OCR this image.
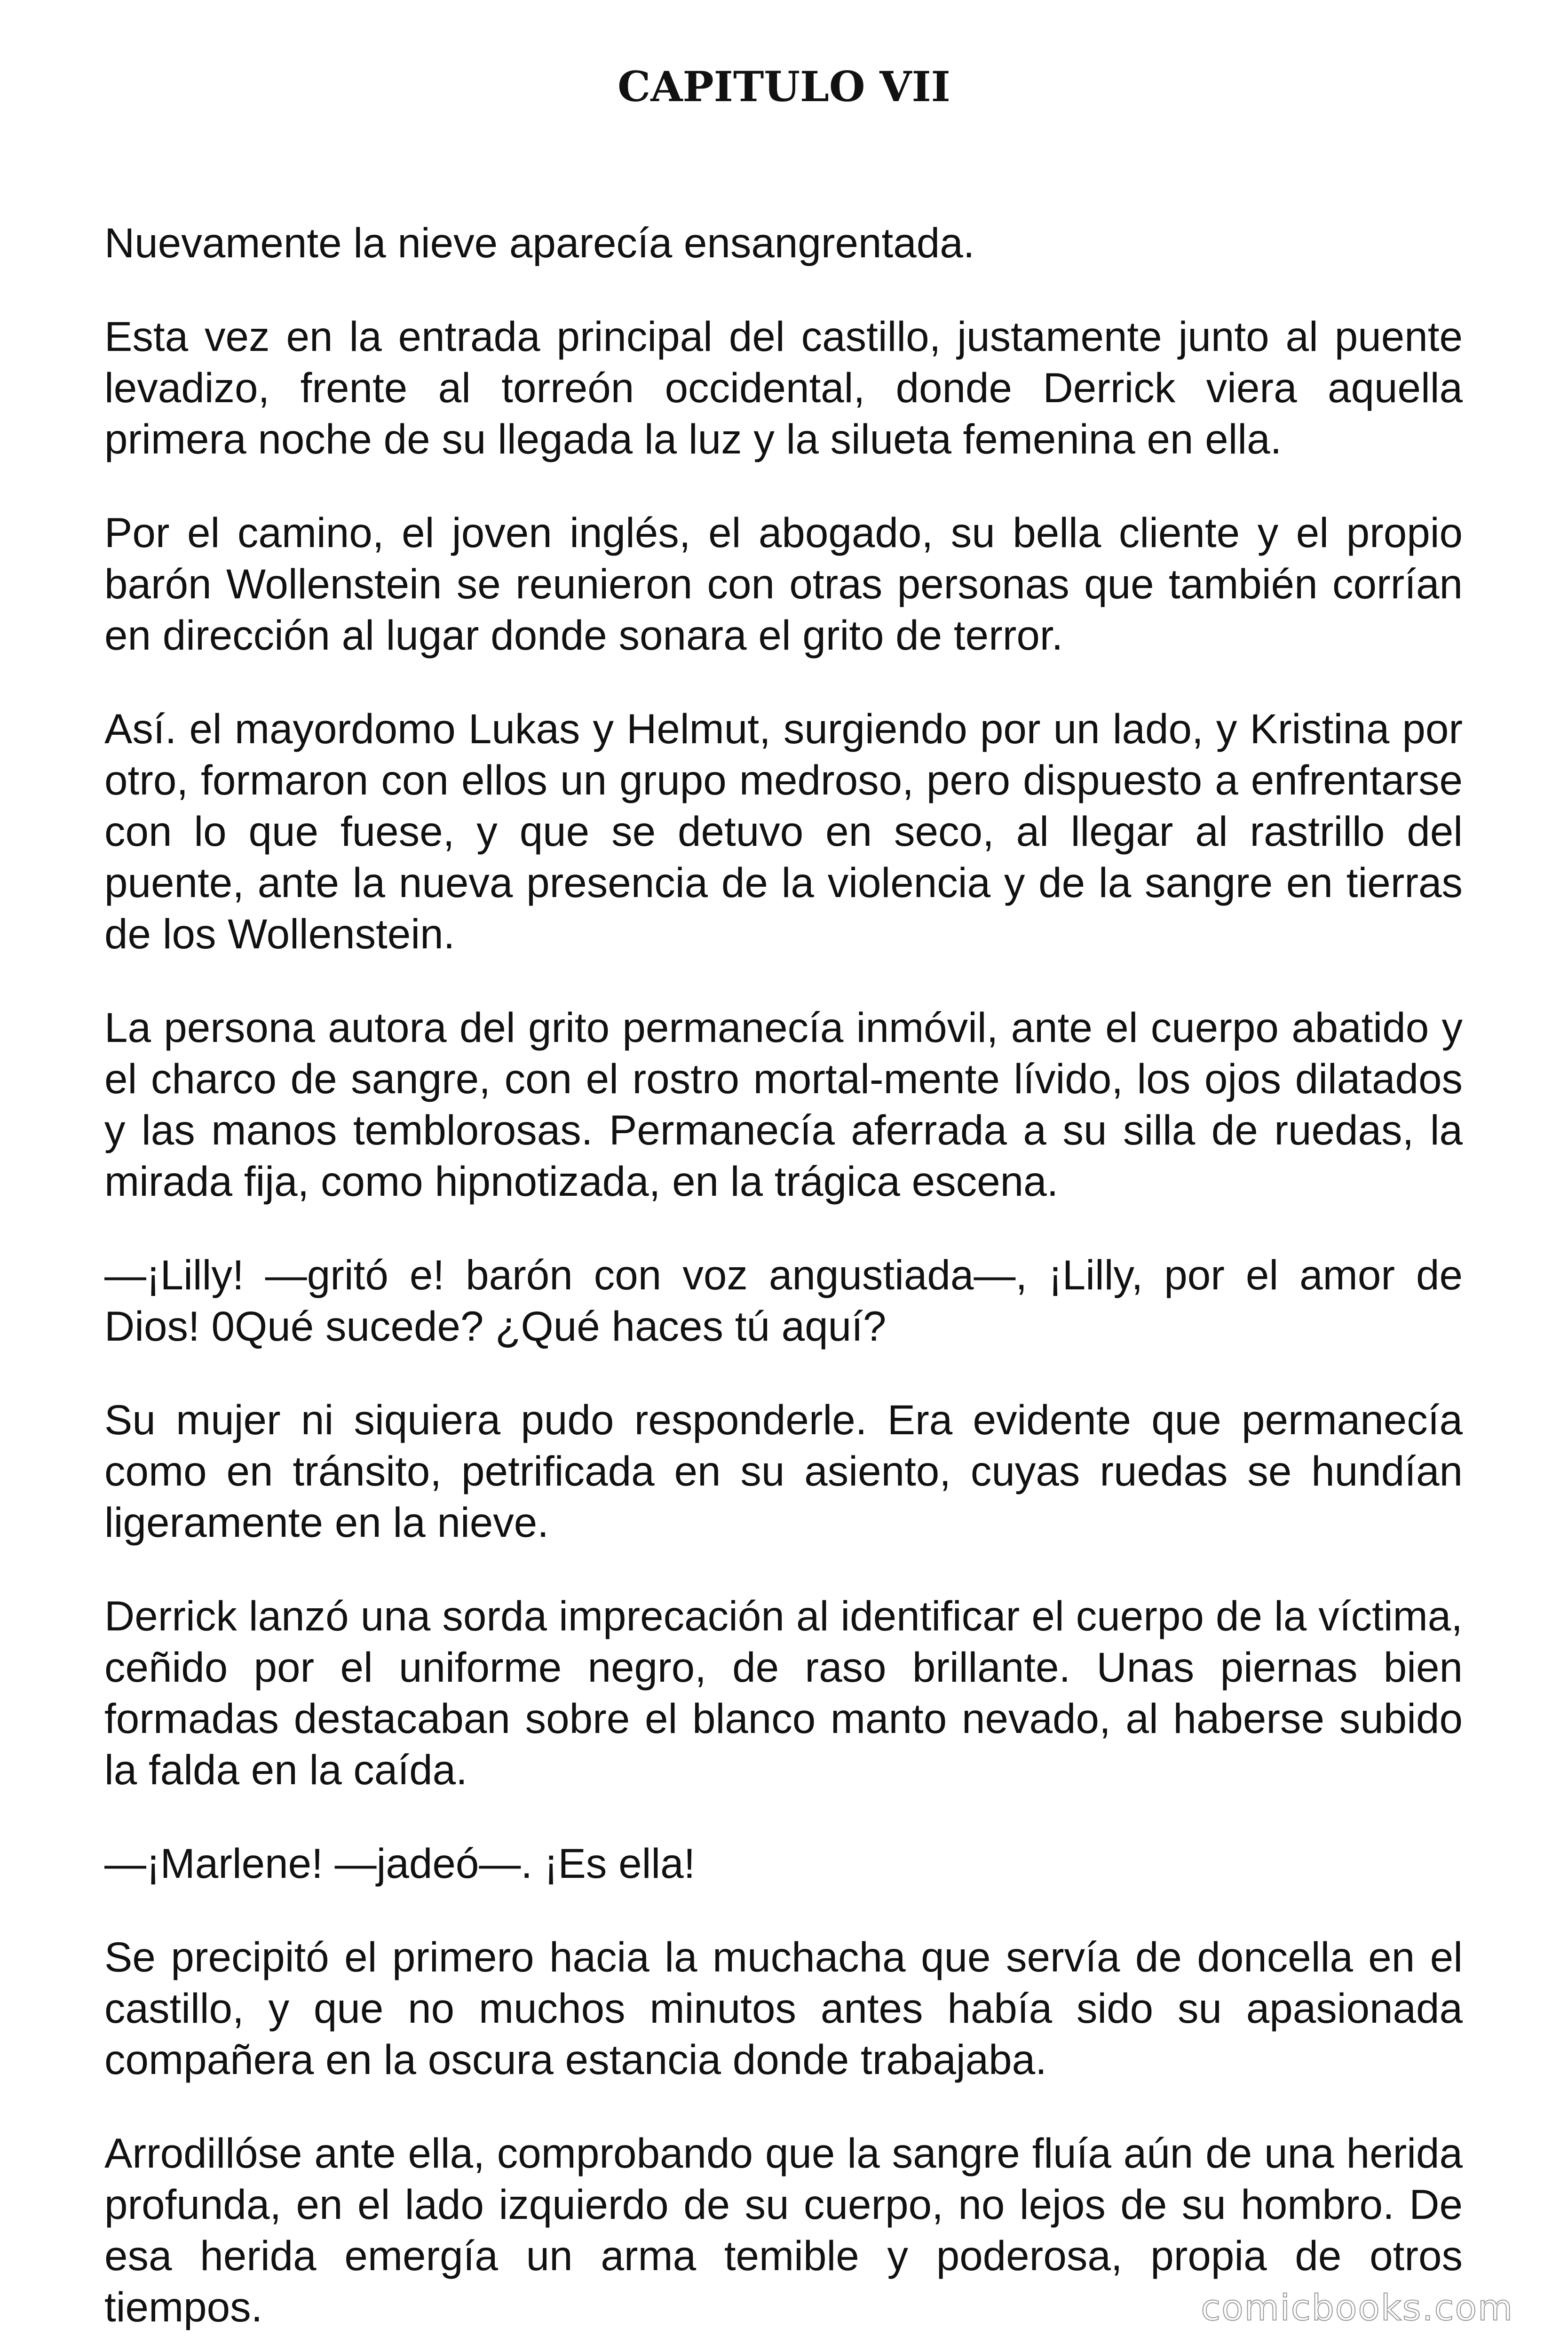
CAPITULO VII

Nuevamente la nieve aparecía ensangrentada.

Esta vez en la entrada principal del castillo, justamente junto al puente levadizo, frente al torreón occidental, donde Derrick viera aquella primera noche de su llegada la luz y la silueta femenina en ella.

Por el camino, el joven inglés, el abogado, su bella cliente y el propio barón Wollenstein se reunieron con otras personas que también corrían en dirección al lugar donde sonara el grito de terror.

Así. el mayordomo Lukas y Helmut, surgiendo por un lado, y Kristina por otro, formaron con ellos un grupo medroso, pero dispuesto a enfrentarse con lo que fuese, y que se detuvo en seco, al llegar al rastrillo del puente, ante la nueva presencia de la violencia y de la sangre en tierras de los Wollenstein.

La persona autora del grito permanecía inmóvil, ante el cuerpo abatido y el charco de sangre, con el rostro mortal-mente lívido, los ojos dilatados y las manos temblorosas. Permanecía aferrada a su silla de ruedas, la mirada fija, como hipnotizada, en la trágica escena.

—¡Lilly! —gritó e! barón con voz angustiada—, ¡Lilly, por el amor de Dios! 0Qué sucede? ¿Qué haces tú aquí?

Su mujer ni siquiera pudo responderle. Era evidente que permanecía como en tránsito, petrificada en su asiento, cuyas ruedas se hundían ligeramente en la nieve.

Derrick lanzó una sorda imprecación al identificar el cuerpo de la víctima, ceñido por el uniforme negro, de raso brillante. Unas piernas bien formadas destacaban sobre el blanco manto nevado, al haberse subido la falda en la caída.

—¡Marlene! —jadeó—. ¡Es ella!

Se precipitó el primero hacia la muchacha que servía de doncella en el castillo, y que no muchos minutos antes había sido su apasionada compañera en la oscura estancia donde trabajaba.

Arrodillóse ante ella, comprobando que la sangre fluía aún de una herida profunda, en el lado izquierdo de su cuerpo, no lejos de su hombro. De esa herida emergía un arma temible y poderosa, propia de otros tiempos.	comicbooks.com
